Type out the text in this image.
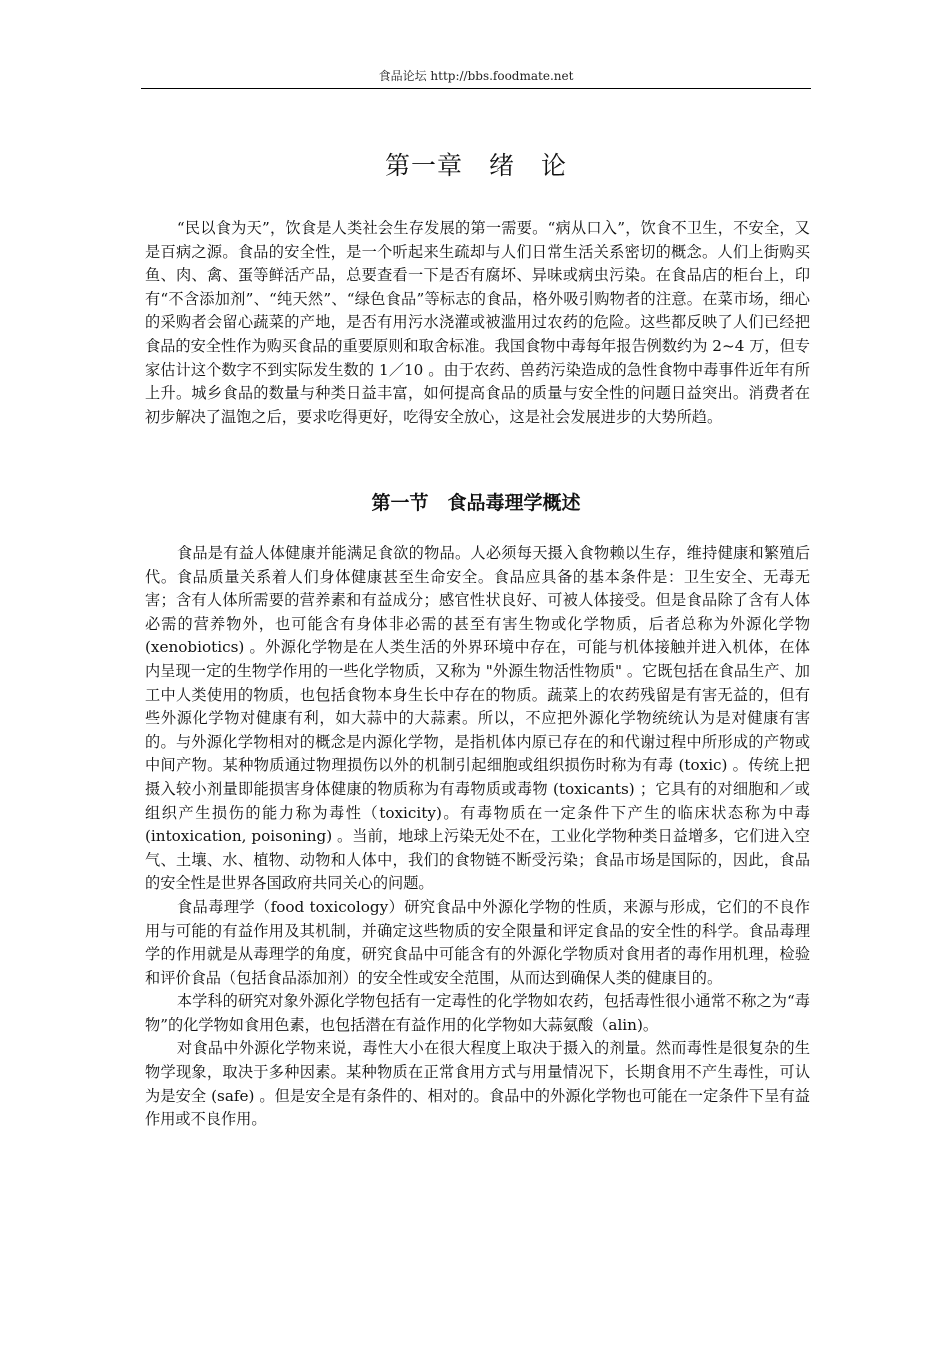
食品论坛 http://bbs.foodmate.net
第一章　绪　论

“民以食为天”，饮食是人类社会生存发展的第一需要。“病从口入”，饮食不卫生，不安全，又是百病之源。食品的安全性，是一个听起来生疏却与人们日常生活关系密切的概念。人们上街购买鱼、肉、禽、蛋等鲜活产品，总要查看一下是否有腐坏、异味或病虫污染。在食品店的柜台上，印有“不含添加剂”、“纯天然”、“绿色食品”等标志的食品，格外吸引购物者的注意。在菜市场，细心的采购者会留心蔬菜的产地，是否有用污水浇灌或被滥用过农药的危险。这些都反映了人们已经把食品的安全性作为购买食品的重要原则和取舍标准。我国食物中毒每年报告例数约为 2~4 万，但专家估计这个数字不到实际发生数的 1／10 。由于农药、兽药污染造成的急性食物中毒事件近年有所上升。城乡食品的数量与种类日益丰富，如何提高食品的质量与安全性的问题日益突出。消费者在初步解决了温饱之后，要求吃得更好，吃得安全放心，这是社会发展进步的大势所趋。

第一节　食品毒理学概述

食品是有益人体健康并能满足食欲的物品。人必须每天摄入食物赖以生存，维持健康和繁殖后代。食品质量关系着人们身体健康甚至生命安全。食品应具备的基本条件是：卫生安全、无毒无害；含有人体所需要的营养素和有益成分；感官性状良好、可被人体接受。但是食品除了含有人体必需的营养物外，也可能含有身体非必需的甚至有害生物或化学物质，后者总称为外源化学物 (xenobiotics) 。外源化学物是在人类生活的外界环境中存在，可能与机体接触并进入机体，在体内呈现一定的生物学作用的一些化学物质，又称为 "外源生物活性物质" 。它既包括在食品生产、加工中人类使用的物质，也包括食物本身生长中存在的物质。蔬菜上的农药残留是有害无益的，但有些外源化学物对健康有利，如大蒜中的大蒜素。所以，不应把外源化学物统统认为是对健康有害的。与外源化学物相对的概念是内源化学物，是指机体内原已存在的和代谢过程中所形成的产物或中间产物。某种物质通过物理损伤以外的机制引起细胞或组织损伤时称为有毒 (toxic) 。传统上把摄入较小剂量即能损害身体健康的物质称为有毒物质或毒物 (toxicants) ；它具有的对细胞和／或组织产生损伤的能力称为毒性（toxicity)。有毒物质在一定条件下产生的临床状态称为中毒 (intoxication, poisoning) 。当前，地球上污染无处不在，工业化学物种类日益增多，它们进入空气、土壤、水、植物、动物和人体中，我们的食物链不断受污染；食品市场是国际的，因此，食品的安全性是世界各国政府共同关心的问题。

食品毒理学（food toxicology）研究食品中外源化学物的性质，来源与形成，它们的不良作用与可能的有益作用及其机制，并确定这些物质的安全限量和评定食品的安全性的科学。食品毒理学的作用就是从毒理学的角度，研究食品中可能含有的外源化学物质对食用者的毒作用机理，检验和评价食品（包括食品添加剂）的安全性或安全范围，从而达到确保人类的健康目的。

本学科的研究对象外源化学物包括有一定毒性的化学物如农药，包括毒性很小通常不称之为“毒物”的化学物如食用色素，也包括潜在有益作用的化学物如大蒜氨酸（alin)。

对食品中外源化学物来说，毒性大小在很大程度上取决于摄入的剂量。然而毒性是很复杂的生物学现象，取决于多种因素。某种物质在正常食用方式与用量情况下，长期食用不产生毒性，可认为是安全 (safe) 。但是安全是有条件的、相对的。食品中的外源化学物也可能在一定条件下呈有益作用或不良作用。
